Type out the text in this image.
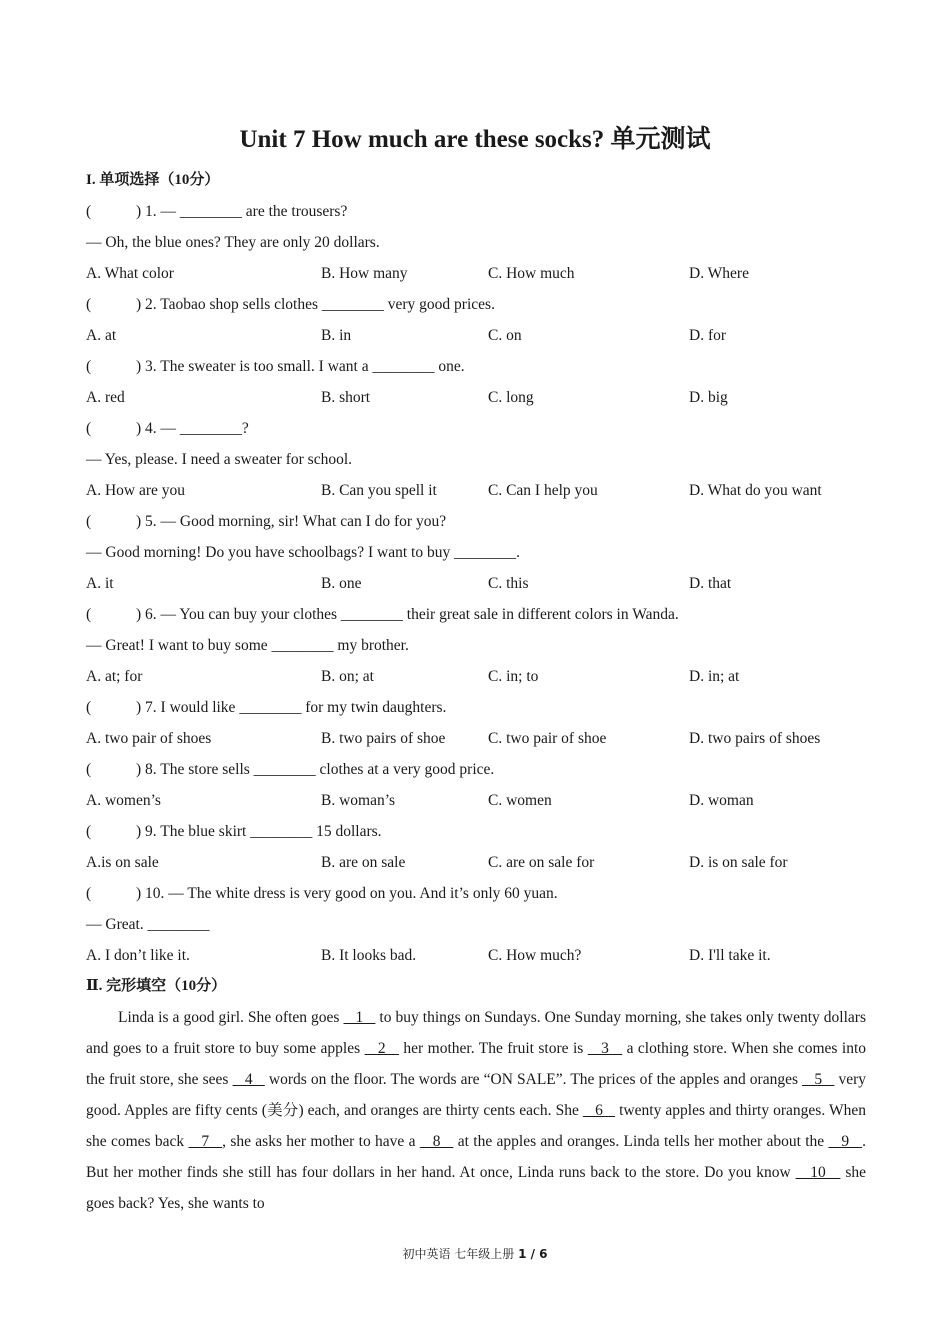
Unit 7 How much are these socks? 单元测试
I. 单项选择（10分）
(	) 1. — ________ are the trousers?
— Oh, the blue ones? They are only 20 dollars.
A. What color	B. How many	C. How much	D. Where
(	) 2. Taobao shop sells clothes ________ very good prices.
A. at	B. in	C. on	D. for
(	) 3. The sweater is too small. I want a ________ one.
A. red	B. short	C. long	D. big
(	) 4. — ________?
— Yes, please. I need a sweater for school.
A. How are you	B. Can you spell it	C. Can I help you	D. What do you want
(	) 5. — Good morning, sir! What can I do for you?
— Good morning! Do you have schoolbags? I want to buy ________.
A. it	B. one	C. this	D. that
(	) 6. — You can buy your clothes ________ their great sale in different colors in Wanda.
— Great! I want to buy some ________ my brother.
A. at; for	B. on; at	C. in; to	D. in; at
(	) 7. I would like ________ for my twin daughters.
A. two pair of shoes	B. two pairs of shoe	C. two pair of shoe	D. two pairs of shoes
(	) 8. The store sells ________ clothes at a very good price.
A. women’s	B. woman’s	C. women	D. woman
(	) 9. The blue skirt ________ 15 dollars.
A.is on sale	B. are on sale	C. are on sale for	D. is on sale for
(	) 10. — The white dress is very good on you. And it’s only 60 yuan.
— Great. ________
A. I don’t like it.	B. It looks bad.	C. How much?	D. I'll take it.
Ⅱ. 完形填空（10分）

Linda is a good girl. She often goes    1    to buy things on Sundays. One Sunday morning, she takes only twenty dollars and goes to a fruit store to buy some apples    2    her mother. The fruit store is    3    a clothing store. When she comes into the fruit store, she sees    4    words on the floor. The words are “ON SALE”. The prices of the apples and oranges    5    very good. Apples are fifty cents (美分) each, and oranges are thirty cents each. She    6    twenty apples and thirty oranges. When she comes back    7   , she asks her mother to have a    8    at the apples and oranges. Linda tells her mother about the    9   . But her mother finds she still has four dollars in her hand. At once, Linda runs back to the store. Do you know    10    she goes back? Yes, she wants to

初中英语 七年级上册 1 / 6
